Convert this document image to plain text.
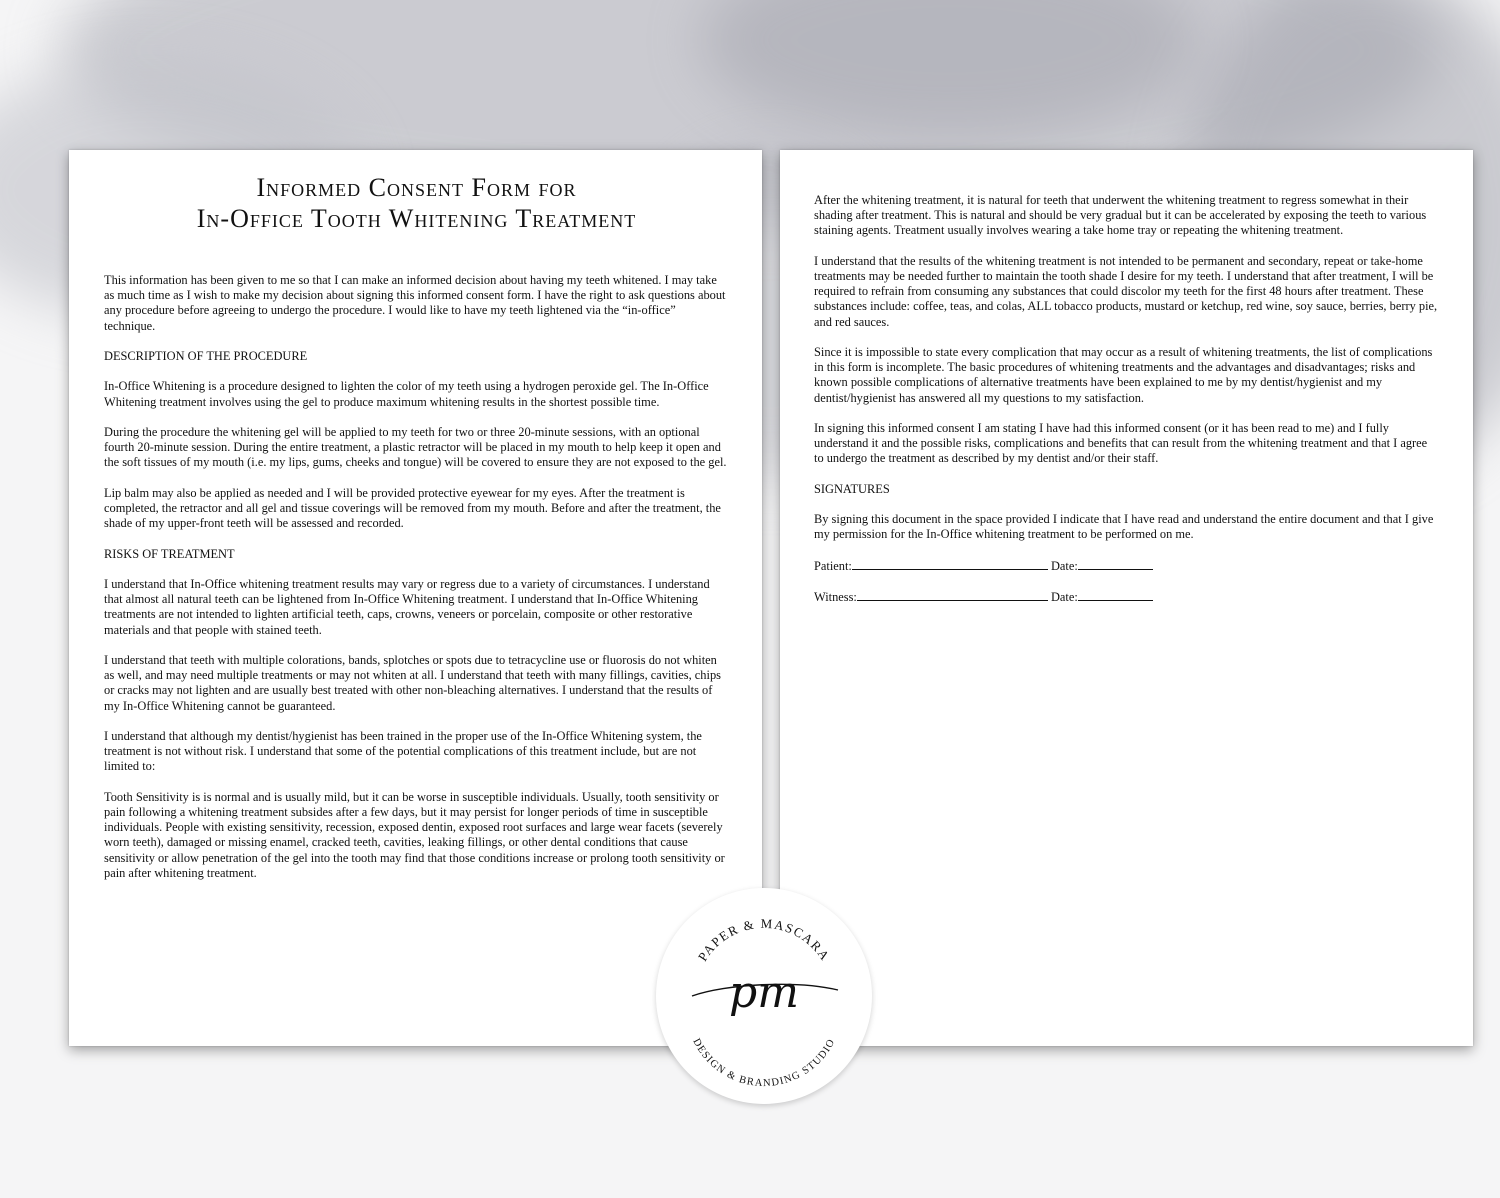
Informed Consent Form for
In-Office Tooth Whitening Treatment

This information has been given to me so that I can make an informed decision about having my teeth whitened. I may take as much time as I wish to make my decision about signing this informed consent form. I have the right to ask questions about any procedure before agreeing to undergo the procedure. I would like to have my teeth lightened via the “in-office” technique.

DESCRIPTION OF THE PROCEDURE

In-Office Whitening is a procedure designed to lighten the color of my teeth using a hydrogen peroxide gel. The In-Office Whitening treatment involves using the gel to produce maximum whitening results in the shortest possible time.

During the procedure the whitening gel will be applied to my teeth for two or three 20-minute sessions, with an optional fourth 20-minute session. During the entire treatment, a plastic retractor will be placed in my mouth to help keep it open and the soft tissues of my mouth (i.e. my lips, gums, cheeks and tongue) will be covered to ensure they are not exposed to the gel.

Lip balm may also be applied as needed and I will be provided protective eyewear for my eyes. After the treatment is completed, the retractor and all gel and tissue coverings will be removed from my mouth. Before and after the treatment, the shade of my upper-front teeth will be assessed and recorded.

RISKS OF TREATMENT

I understand that In-Office whitening treatment results may vary or regress due to a variety of circumstances. I understand that almost all natural teeth can be lightened from In-Office Whitening treatment. I understand that In-Office Whitening treatments are not intended to lighten artificial teeth, caps, crowns, veneers or porcelain, composite or other restorative materials and that people with stained teeth.

I understand that teeth with multiple colorations, bands, splotches or spots due to tetracycline use or fluorosis do not whiten as well, and may need multiple treatments or may not whiten at all. I understand that teeth with many fillings, cavities, chips or cracks may not lighten and are usually best treated with other non-bleaching alternatives. I understand that the results of my In-Office Whitening cannot be guaranteed.

I understand that although my dentist/hygienist has been trained in the proper use of the In-Office Whitening system, the treatment is not without risk. I understand that some of the potential complications of this treatment include, but are not limited to:

Tooth Sensitivity is is normal and is usually mild, but it can be worse in susceptible individuals. Usually, tooth sensitivity or pain following a whitening treatment subsides after a few days, but it may persist for longer periods of time in susceptible individuals. People with existing sensitivity, recession, exposed dentin, exposed root surfaces and large wear facets (severely worn teeth), damaged or missing enamel, cracked teeth, cavities, leaking fillings, or other dental conditions that cause sensitivity or allow penetration of the gel into the tooth may find that those conditions increase or prolong tooth sensitivity or pain after whitening treatment.

After the whitening treatment, it is natural for teeth that underwent the whitening treatment to regress somewhat in their shading after treatment. This is natural and should be very gradual but it can be accelerated by exposing the teeth to various staining agents. Treatment usually involves wearing a take home tray or repeating the whitening treatment.

I understand that the results of the whitening treatment is not intended to be permanent and secondary, repeat or take-home treatments may be needed further to maintain the tooth shade I desire for my teeth. I understand that after treatment, I will be required to refrain from consuming any substances that could discolor my teeth for the first 48 hours after treatment. These substances include: coffee, teas, and colas, ALL tobacco products, mustard or ketchup, red wine, soy sauce, berries, berry pie, and red sauces.

Since it is impossible to state every complication that may occur as a result of whitening treatments, the list of complications in this form is incomplete. The basic procedures of whitening treatments and the advantages and disadvantages; risks and known possible complications of alternative treatments have been explained to me by my dentist/hygienist and my dentist/hygienist has answered all my questions to my satisfaction.

In signing this informed consent I am stating I have had this informed consent (or it has been read to me) and I fully understand it and the possible risks, complications and benefits that can result from the whitening treatment and that I agree to undergo the treatment as described by my dentist and/or their staff.

SIGNATURES

By signing this document in the space provided I indicate that I have read and understand the entire document and that I give my permission for the In-Office whitening treatment to be performed on me.

Patient:	Date:
Witness:	Date:
PAPER & MASCARA
pm
DESIGN & BRANDING STUDIO
